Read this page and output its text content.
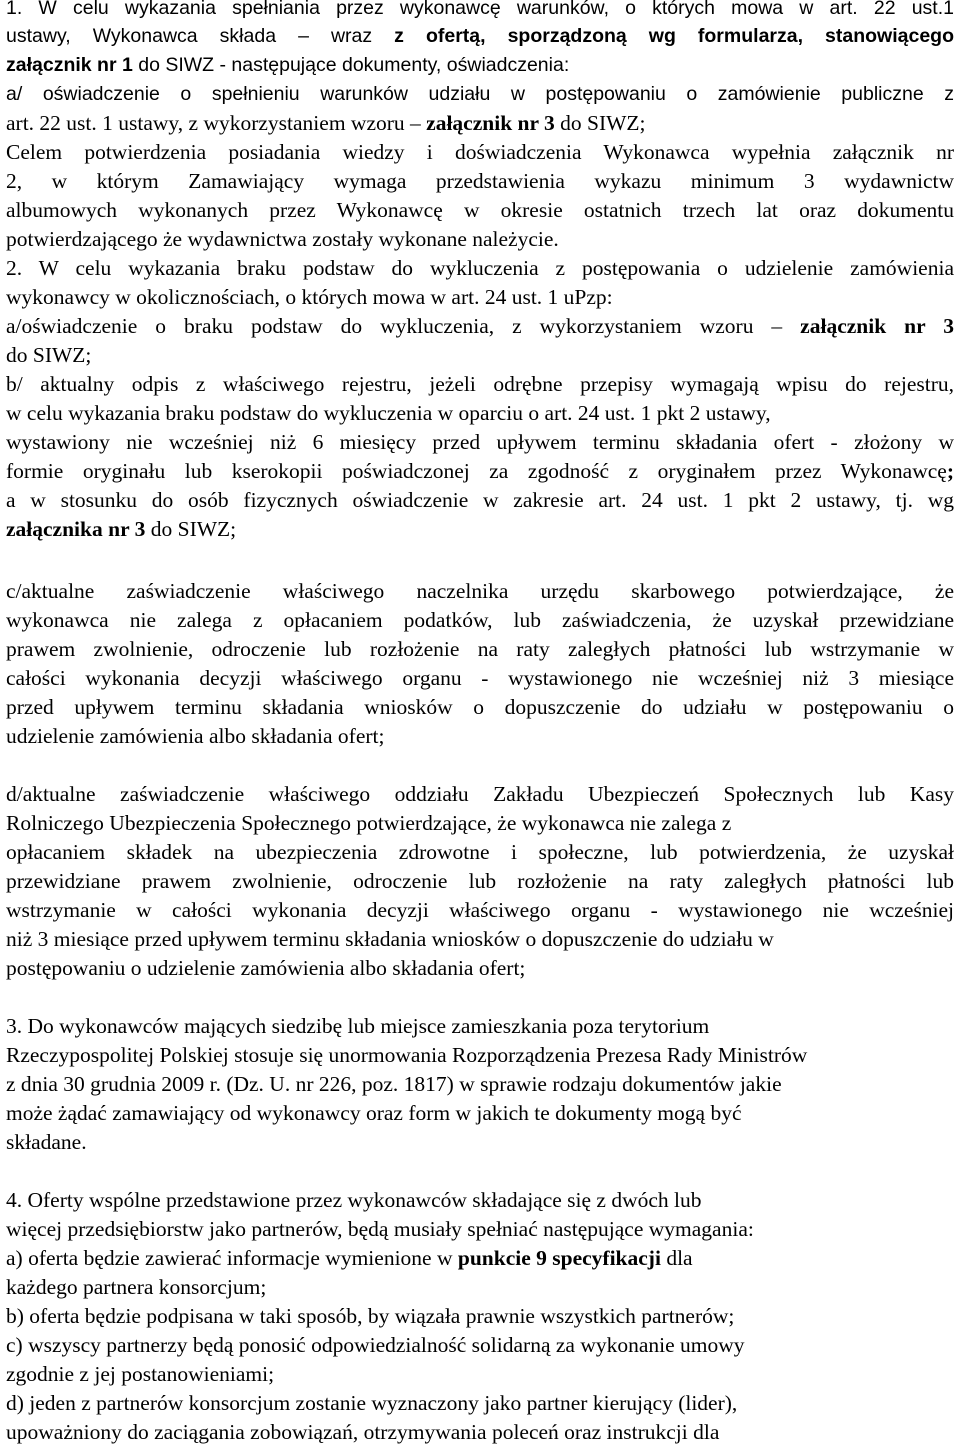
1. W celu wykazania spełniania przez wykonawcę warunków, o których mowa w art. 22 ust.1
ustawy, Wykonawca składa – wraz z ofertą, sporządzoną wg formularza, stanowiącego
załącznik nr 1 do SIWZ - następujące dokumenty, oświadczenia:
a/ oświadczenie o spełnieniu warunków udziału w postępowaniu o zamówienie publiczne z
art. 22 ust. 1 ustawy, z wykorzystaniem wzoru – załącznik nr 3 do SIWZ;
Celem potwierdzenia posiadania wiedzy i doświadczenia Wykonawca wypełnia załącznik nr
2, w którym Zamawiający wymaga przedstawienia wykazu minimum 3 wydawnictw
albumowych wykonanych przez Wykonawcę w okresie ostatnich trzech lat oraz dokumentu
potwierdzającego że wydawnictwa zostały wykonane należycie.
2. W celu wykazania braku podstaw do wykluczenia z postępowania o udzielenie zamówienia
wykonawcy w okolicznościach, o których mowa w art. 24 ust. 1 uPzp:
a/oświadczenie o braku podstaw do wykluczenia, z wykorzystaniem wzoru – załącznik nr 3
do SIWZ;
b/ aktualny odpis z właściwego rejestru, jeżeli odrębne przepisy wymagają wpisu do rejestru,
w celu wykazania braku podstaw do wykluczenia w oparciu o art. 24 ust. 1 pkt 2 ustawy,
wystawiony nie wcześniej niż 6 miesięcy przed upływem terminu składania ofert - złożony w
formie oryginału lub kserokopii poświadczonej za zgodność z oryginałem przez Wykonawcę;
a w stosunku do osób fizycznych oświadczenie w zakresie art. 24 ust. 1 pkt 2 ustawy, tj. wg
załącznika nr 3 do SIWZ;
c/aktualne zaświadczenie właściwego naczelnika urzędu skarbowego potwierdzające, że
wykonawca nie zalega z opłacaniem podatków, lub zaświadczenia, że uzyskał przewidziane
prawem zwolnienie, odroczenie lub rozłożenie na raty zaległych płatności lub wstrzymanie w
całości wykonania decyzji właściwego organu - wystawionego nie wcześniej niż 3 miesiące
przed upływem terminu składania wniosków o dopuszczenie do udziału w postępowaniu o
udzielenie zamówienia albo składania ofert;
d/aktualne zaświadczenie właściwego oddziału Zakładu Ubezpieczeń Społecznych lub Kasy
Rolniczego Ubezpieczenia Społecznego potwierdzające, że wykonawca nie zalega z
opłacaniem składek na ubezpieczenia zdrowotne i społeczne, lub potwierdzenia, że uzyskał
przewidziane prawem zwolnienie, odroczenie lub rozłożenie na raty zaległych płatności lub
wstrzymanie w całości wykonania decyzji właściwego organu - wystawionego nie wcześniej
niż 3 miesiące przed upływem terminu składania wniosków o dopuszczenie do udziału w
postępowaniu o udzielenie zamówienia albo składania ofert;
3. Do wykonawców mających siedzibę lub miejsce zamieszkania poza terytorium
Rzeczypospolitej Polskiej stosuje się unormowania Rozporządzenia Prezesa Rady Ministrów
z dnia 30 grudnia 2009 r. (Dz. U. nr 226, poz. 1817) w sprawie rodzaju dokumentów jakie
może żądać zamawiający od wykonawcy oraz form w jakich te dokumenty mogą być
składane.
4. Oferty wspólne przedstawione przez wykonawców składające się z dwóch lub
więcej przedsiębiorstw jako partnerów, będą musiały spełniać następujące wymagania:
a) oferta będzie zawierać informacje wymienione w punkcie 9 specyfikacji dla
każdego partnera konsorcjum;
b) oferta będzie podpisana w taki sposób, by wiązała prawnie wszystkich partnerów;
c) wszyscy partnerzy będą ponosić odpowiedzialność solidarną za wykonanie umowy
zgodnie z jej postanowieniami;
d) jeden z partnerów konsorcjum zostanie wyznaczony jako partner kierujący (lider),
upoważniony do zaciągania zobowiązań, otrzymywania poleceń oraz instrukcji dla
